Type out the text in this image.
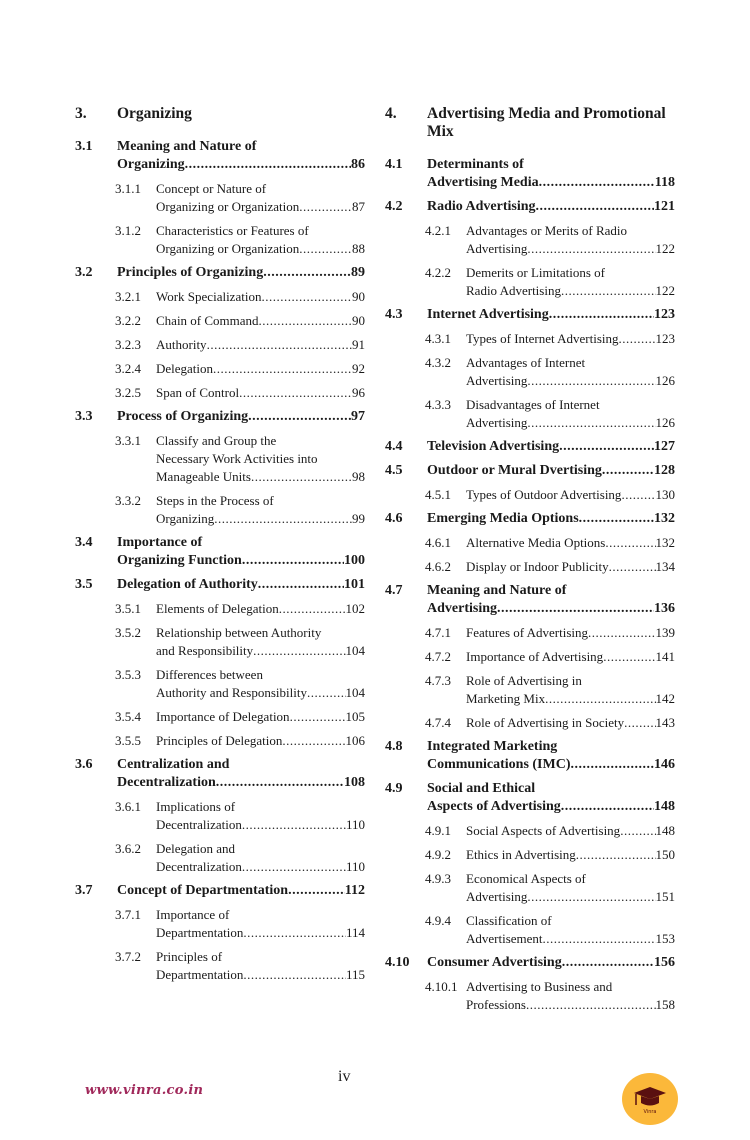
3.	Organizing
3.1	Meaning and Nature of
Organizing .....	86
3.1.1	Concept or Nature of
Organizing or Organization .....	87
3.1.2	Characteristics or Features of
Organizing or Organization .....	88
3.2	Principles of Organizing .....	89
3.2.1	Work Specialization .....	90
3.2.2	Chain of Command .....	90
3.2.3	Authority .....	91
3.2.4	Delegation .....	92
3.2.5	Span of Control .....	96
3.3	Process of Organizing .....	97
3.3.1	Classify and Group the
Necessary Work Activities into
Manageable Units .....	98
3.3.2	Steps in the Process of
Organizing .....	99
3.4	Importance of
Organizing Function .....	100
3.5	Delegation of Authority .....	101
3.5.1	Elements of Delegation .....	102
3.5.2	Relationship between Authority
and Responsibility .....	104
3.5.3	Differences between
Authority and Responsibility .....	104
3.5.4	Importance of Delegation .....	105
3.5.5	Principles of Delegation .....	106
3.6	Centralization and
Decentralization .....	108
3.6.1	Implications of
Decentralization .....	110
3.6.2	Delegation and
Decentralization .....	110
3.7	Concept of Departmentation .....	112
3.7.1	Importance of
Departmentation .....	114
3.7.2	Principles of
Departmentation .....	115
4.	Advertising Media and Promotional Mix
4.1	Determinants of
Advertising Media .....	118
4.2	Radio Advertising .....	121
4.2.1	Advantages or Merits of Radio
Advertising .....	122
4.2.2	Demerits or Limitations of
Radio Advertising .....	122
4.3	Internet Advertising .....	123
4.3.1	Types of Internet Advertising .....	123
4.3.2	Advantages of Internet
Advertising .....	126
4.3.3	Disadvantages of Internet
Advertising .....	126
4.4	Television Advertising .....	127
4.5	Outdoor or Mural Dvertising .....	128
4.5.1	Types of Outdoor Advertising .....	130
4.6	Emerging Media Options .....	132
4.6.1	Alternative Media Options .....	132
4.6.2	Display or Indoor Publicity .....	134
4.7	Meaning and Nature of
Advertising .....	136
4.7.1	Features of Advertising .....	139
4.7.2	Importance of Advertising .....	141
4.7.3	Role of Advertising in
Marketing Mix .....	142
4.7.4	Role of Advertising in Society ..... 143
4.8	Integrated Marketing
Communications (IMC) .....	146
4.9	Social and Ethical
Aspects of Advertising .....	148
4.9.1	Social Aspects of Advertising .....	148
4.9.2	Ethics in Advertising .....	150
4.9.3	Economical Aspects of
Advertising .....	151
4.9.4	Classification of
Advertisement .....	153
4.10	Consumer Advertising .....	156
4.10.1 Advertising to Business and
Professions .....	158
iv
www.vinra.co.in
Vinra
